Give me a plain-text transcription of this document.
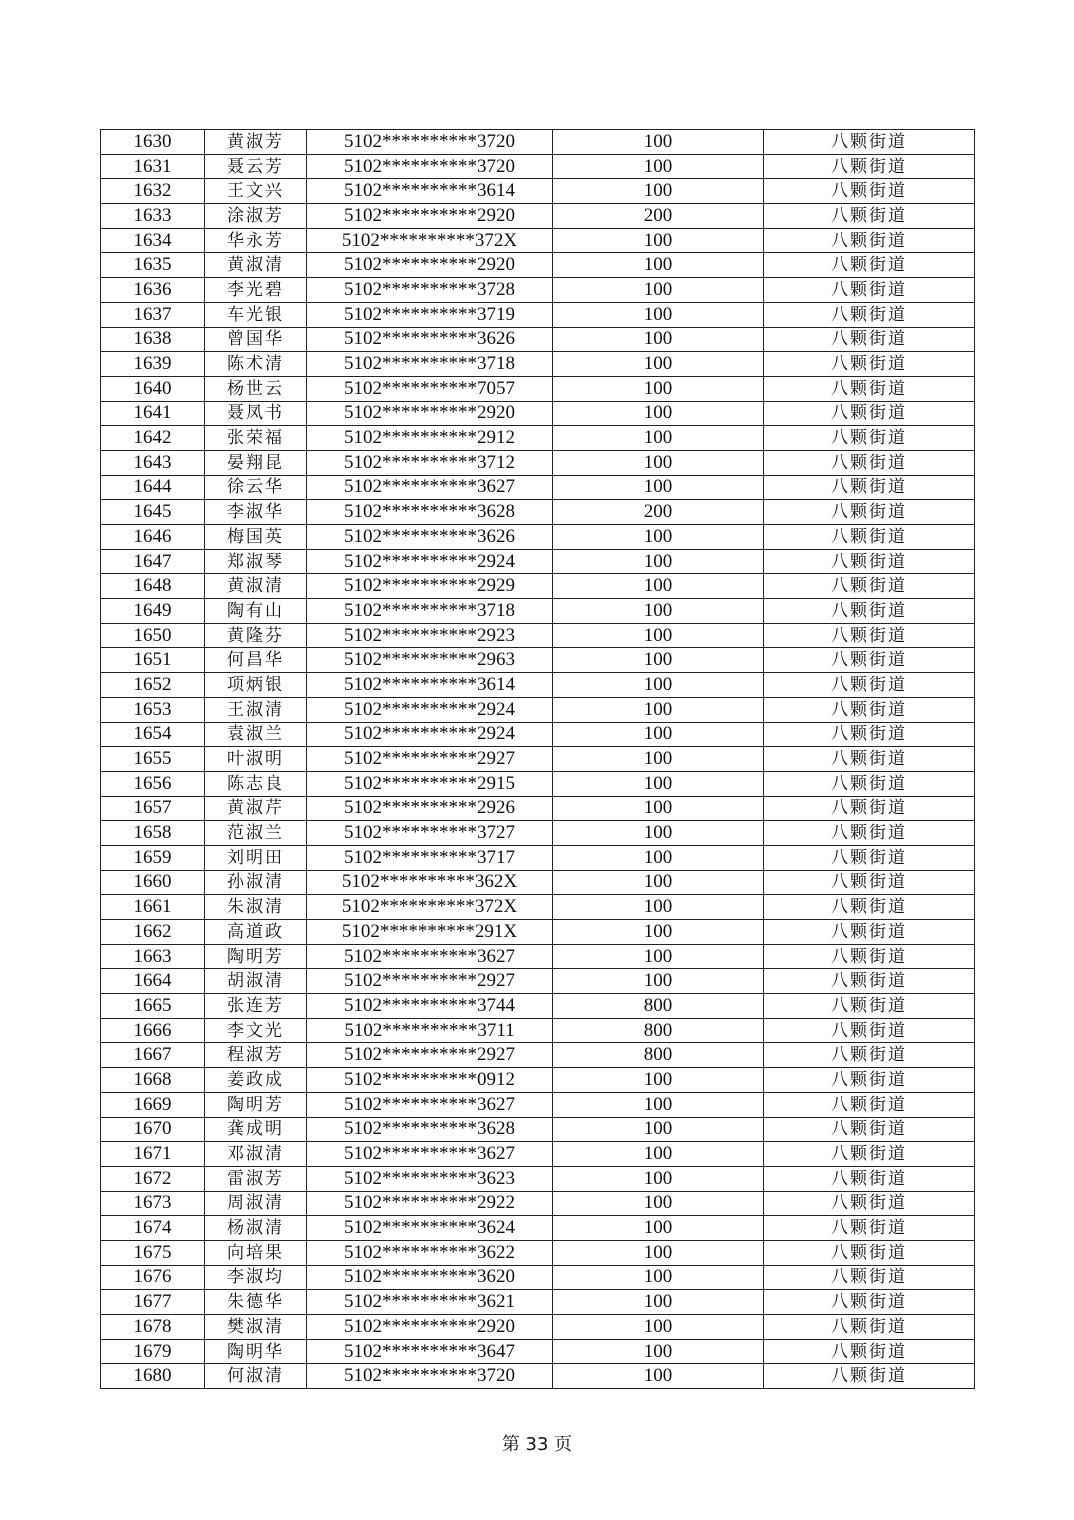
1630	黄淑芳	5102**********3720	100	八颗街道
1631	聂云芳	5102**********3720	100	八颗街道
1632	王文兴	5102**********3614	100	八颗街道
1633	涂淑芳	5102**********2920	200	八颗街道
1634	华永芳	5102**********372X	100	八颗街道
1635	黄淑清	5102**********2920	100	八颗街道
1636	李光碧	5102**********3728	100	八颗街道
1637	车光银	5102**********3719	100	八颗街道
1638	曾国华	5102**********3626	100	八颗街道
1639	陈术清	5102**********3718	100	八颗街道
1640	杨世云	5102**********7057	100	八颗街道
1641	聂凤书	5102**********2920	100	八颗街道
1642	张荣福	5102**********2912	100	八颗街道
1643	晏翔昆	5102**********3712	100	八颗街道
1644	徐云华	5102**********3627	100	八颗街道
1645	李淑华	5102**********3628	200	八颗街道
1646	梅国英	5102**********3626	100	八颗街道
1647	郑淑琴	5102**********2924	100	八颗街道
1648	黄淑清	5102**********2929	100	八颗街道
1649	陶有山	5102**********3718	100	八颗街道
1650	黄隆芬	5102**********2923	100	八颗街道
1651	何昌华	5102**********2963	100	八颗街道
1652	项炳银	5102**********3614	100	八颗街道
1653	王淑清	5102**********2924	100	八颗街道
1654	袁淑兰	5102**********2924	100	八颗街道
1655	叶淑明	5102**********2927	100	八颗街道
1656	陈志良	5102**********2915	100	八颗街道
1657	黄淑芹	5102**********2926	100	八颗街道
1658	范淑兰	5102**********3727	100	八颗街道
1659	刘明田	5102**********3717	100	八颗街道
1660	孙淑清	5102**********362X	100	八颗街道
1661	朱淑清	5102**********372X	100	八颗街道
1662	高道政	5102**********291X	100	八颗街道
1663	陶明芳	5102**********3627	100	八颗街道
1664	胡淑清	5102**********2927	100	八颗街道
1665	张连芳	5102**********3744	800	八颗街道
1666	李文光	5102**********3711	800	八颗街道
1667	程淑芳	5102**********2927	800	八颗街道
1668	姜政成	5102**********0912	100	八颗街道
1669	陶明芳	5102**********3627	100	八颗街道
1670	龚成明	5102**********3628	100	八颗街道
1671	邓淑清	5102**********3627	100	八颗街道
1672	雷淑芳	5102**********3623	100	八颗街道
1673	周淑清	5102**********2922	100	八颗街道
1674	杨淑清	5102**********3624	100	八颗街道
1675	向培果	5102**********3622	100	八颗街道
1676	李淑均	5102**********3620	100	八颗街道
1677	朱德华	5102**********3621	100	八颗街道
1678	樊淑清	5102**********2920	100	八颗街道
1679	陶明华	5102**********3647	100	八颗街道
1680	何淑清	5102**********3720	100	八颗街道
第 33 页
